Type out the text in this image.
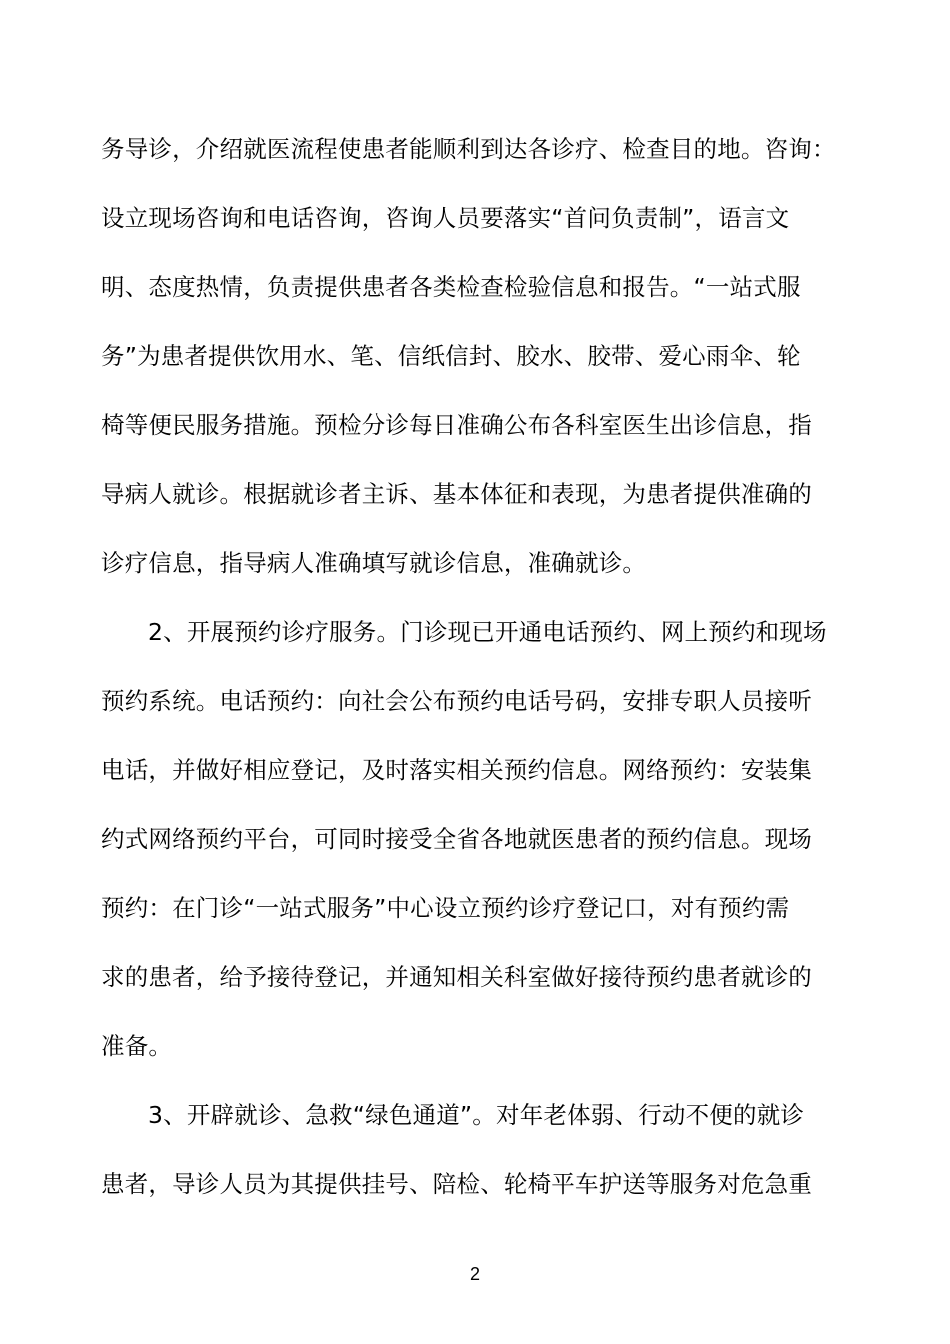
务导诊，介绍就医流程使患者能顺利到达各诊疗、检查目的地。咨询：
设立现场咨询和电话咨询，咨询人员要落实“首问负责制”，语言文
明、态度热情，负责提供患者各类检查检验信息和报告。“一站式服
务”为患者提供饮用水、笔、信纸信封、胶水、胶带、爱心雨伞、轮
椅等便民服务措施。预检分诊每日准确公布各科室医生出诊信息，指
导病人就诊。根据就诊者主诉、基本体征和表现，为患者提供准确的
诊疗信息，指导病人准确填写就诊信息，准确就诊。
2、开展预约诊疗服务。门诊现已开通电话预约、网上预约和现场
预约系统。电话预约：向社会公布预约电话号码，安排专职人员接听
电话，并做好相应登记，及时落实相关预约信息。网络预约：安装集
约式网络预约平台，可同时接受全省各地就医患者的预约信息。现场
预约：在门诊“一站式服务”中心设立预约诊疗登记口，对有预约需
求的患者，给予接待登记，并通知相关科室做好接待预约患者就诊的
准备。
3、开辟就诊、急救“绿色通道”。对年老体弱、行动不便的就诊
患者，导诊人员为其提供挂号、陪检、轮椅平车护送等服务对危急重
2
